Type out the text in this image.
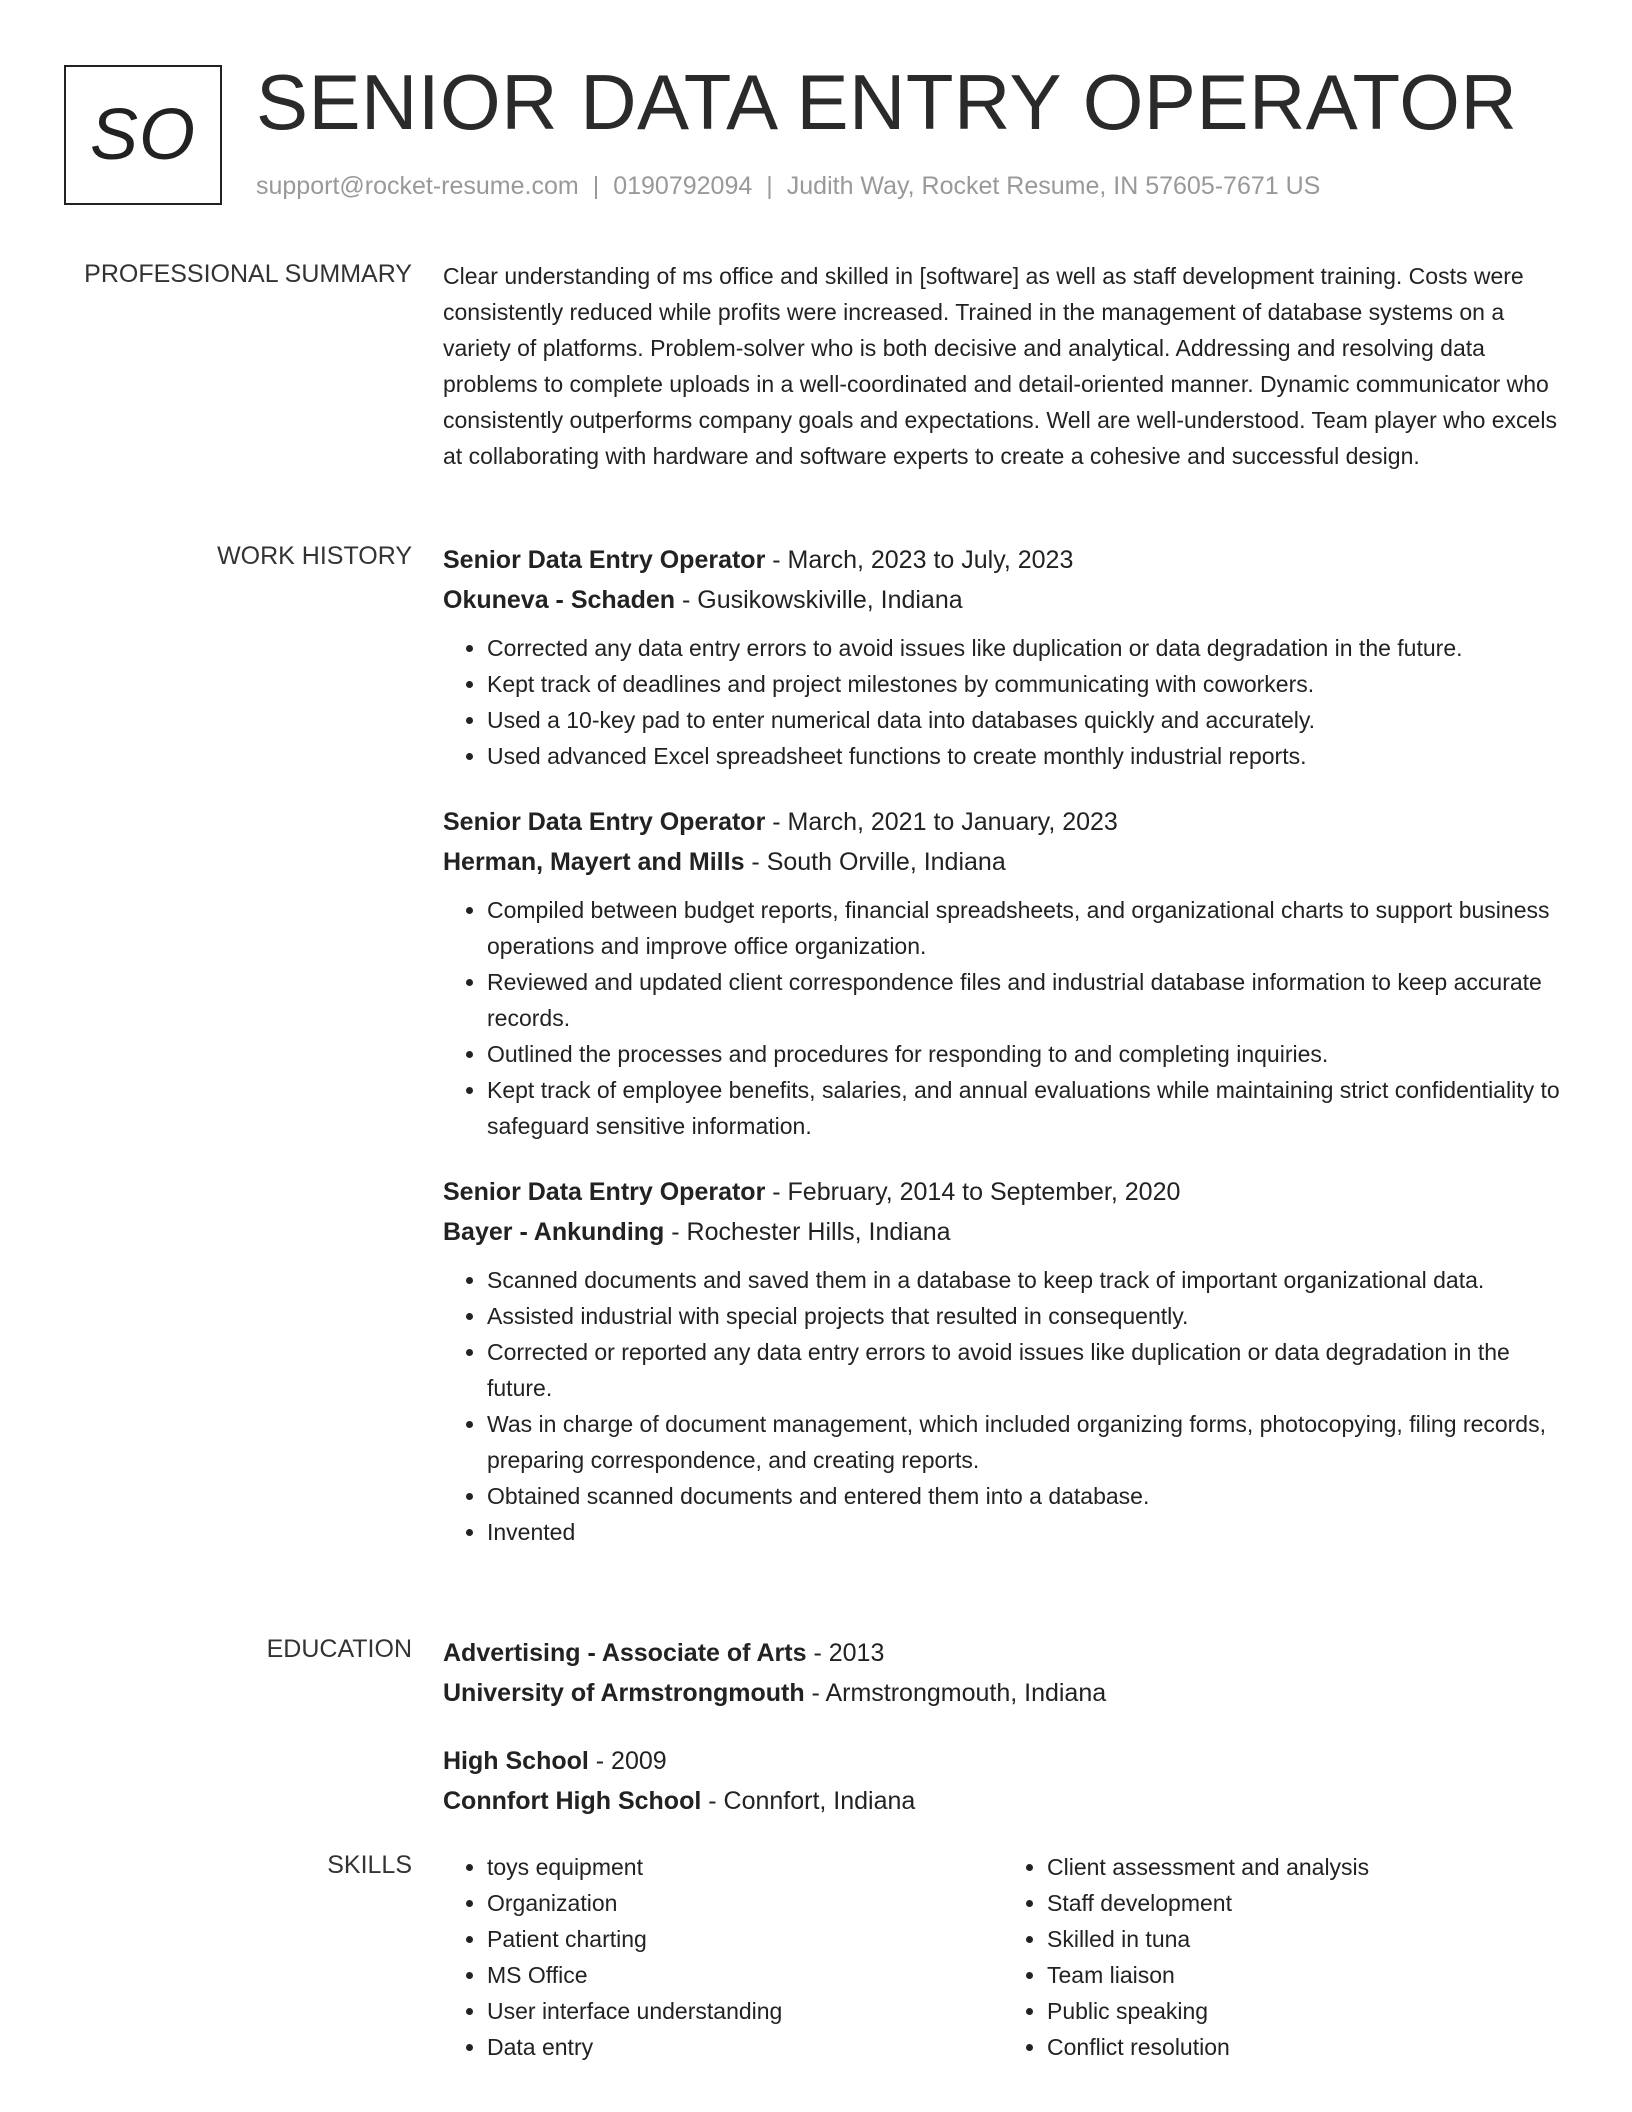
SO SENIOR DATA ENTRY OPERATOR
support@rocket-resume.com | 0190792094 | Judith Way, Rocket Resume, IN 57605-7671 US
PROFESSIONAL SUMMARY Clear understanding of ms office and skilled in [software] as well as staff development training. Costs were consistently reduced while profits were increased. Trained in the management of database systems on a variety of platforms. Problem-solver who is both decisive and analytical. Addressing and resolving data problems to complete uploads in a well-coordinated and detail-oriented manner. Dynamic communicator who consistently outperforms company goals and expectations. Well are well-understood. Team player who excels at collaborating with hardware and software experts to create a cohesive and successful design.

WORK HISTORY Senior Data Entry Operator - March, 2023 to July, 2023
Okuneva - Schaden - Gusikowskiville, Indiana
• Corrected any data entry errors to avoid issues like duplication or data degradation in the future.
• Kept track of deadlines and project milestones by communicating with coworkers.
• Used a 10-key pad to enter numerical data into databases quickly and accurately.
• Used advanced Excel spreadsheet functions to create monthly industrial reports.
Senior Data Entry Operator - March, 2021 to January, 2023
Herman, Mayert and Mills - South Orville, Indiana
• Compiled between budget reports, financial spreadsheets, and organizational charts to support business operations and improve office organization.
• Reviewed and updated client correspondence files and industrial database information to keep accurate records.
• Outlined the processes and procedures for responding to and completing inquiries.
• Kept track of employee benefits, salaries, and annual evaluations while maintaining strict confidentiality to safeguard sensitive information.
Senior Data Entry Operator - February, 2014 to September, 2020
Bayer - Ankunding - Rochester Hills, Indiana
• Scanned documents and saved them in a database to keep track of important organizational data.
• Assisted industrial with special projects that resulted in consequently.
• Corrected or reported any data entry errors to avoid issues like duplication or data degradation in the future.
• Was in charge of document management, which included organizing forms, photocopying, filing records, preparing correspondence, and creating reports.
• Obtained scanned documents and entered them into a database.
• Invented
EDUCATION Advertising - Associate of Arts - 2013
University of Armstrongmouth - Armstrongmouth, Indiana
High School - 2009
Connfort High School - Connfort, Indiana
SKILLS
•	toys equipment
• Organization
• Patient charting
• MS Office
• User interface understanding
• Data entry
• Client assessment and analysis
• Staff development
• Skilled in tuna
• Team liaison
• Public speaking
• Conflict resolution
